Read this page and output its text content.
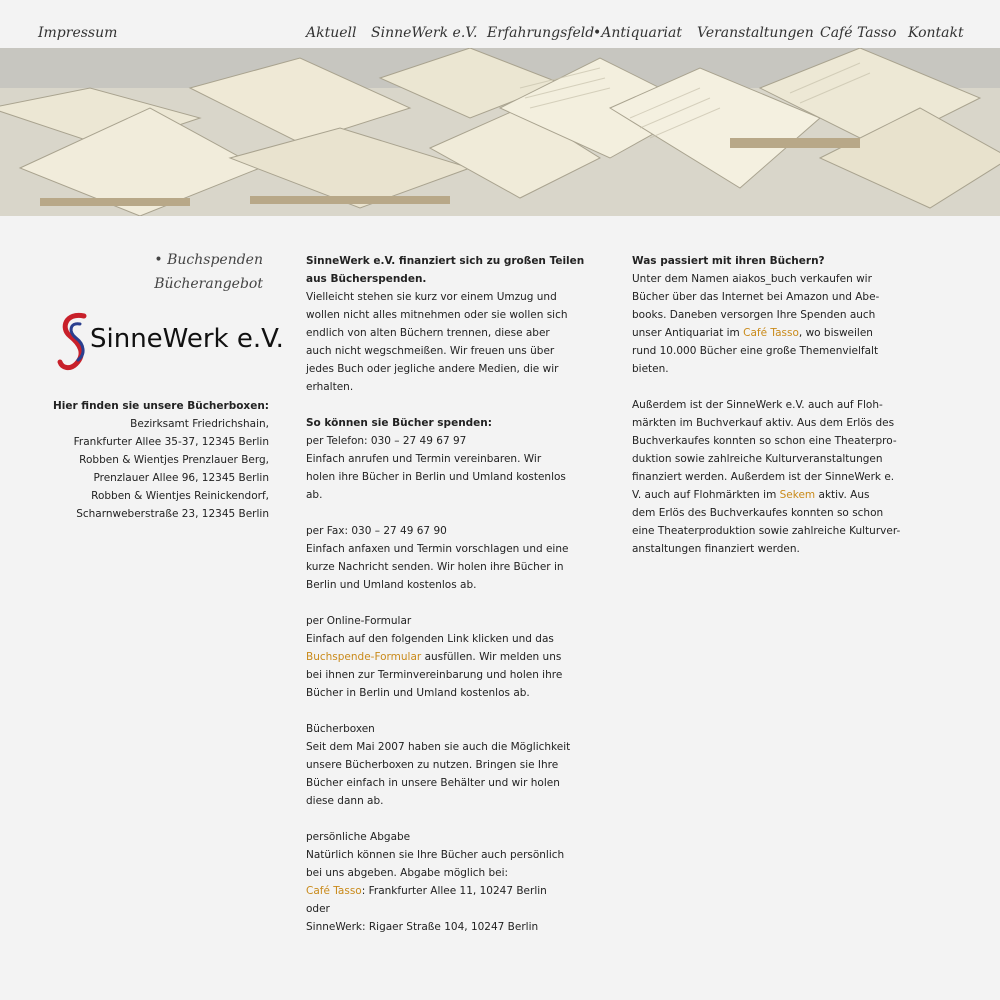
Impressum	Aktuell SinneWerk e.V. Erfahrungsfeld
•Antiquariat Veranstaltungen Café Tasso Kontakt
• Buchspenden
Bücherangebot
SinneWerk e.V.

Hier finden sie unsere Bücherboxen:

Bezirksamt Friedrichshain,

Frankfurter Allee 35-37, 12345 Berlin

Robben & Wientjes Prenzlauer Berg,

Prenzlauer Allee 96, 12345 Berlin

Robben & Wientjes Reinickendorf,

Scharnweberstraße 23, 12345 Berlin

SinneWerk e.V. finanziert sich zu großen Teilen

aus Bücherspenden.

Vielleicht stehen sie kurz vor einem Umzug und

wollen nicht alles mitnehmen oder sie wollen sich

endlich von alten Büchern trennen, diese aber

auch nicht wegschmeißen. Wir freuen uns über

jedes Buch oder jegliche andere Medien, die wir

erhalten.

So können sie Bücher spenden:

per Telefon: 030 – 27 49 67 97

Einfach anrufen und Termin vereinbaren. Wir

holen ihre Bücher in Berlin und Umland kostenlos

ab.

per Fax: 030 – 27 49 67 90

Einfach anfaxen und Termin vorschlagen und eine

kurze Nachricht senden. Wir holen ihre Bücher in

Berlin und Umland kostenlos ab.

per Online-Formular

Einfach auf den folgenden Link klicken und das

Buchspende-Formular ausfüllen. Wir melden uns

bei ihnen zur Terminvereinbarung und holen ihre

Bücher in Berlin und Umland kostenlos ab.

Bücherboxen

Seit dem Mai 2007 haben sie auch die Möglichkeit

unsere Bücherboxen zu nutzen. Bringen sie Ihre

Bücher einfach in unsere Behälter und wir holen

diese dann ab.

persönliche Abgabe

Natürlich können sie Ihre Bücher auch persönlich

bei uns abgeben. Abgabe möglich bei:

Café Tasso: Frankfurter Allee 11, 10247 Berlin

oder

SinneWerk: Rigaer Straße 104, 10247 Berlin

Was passiert mit ihren Büchern?

Unter dem Namen aiakos_buch verkaufen wir

Bücher über das Internet bei Amazon und Abe-

books. Daneben versorgen Ihre Spenden auch

unser Antiquariat im Café Tasso, wo bisweilen

rund 10.000 Bücher eine große Themenvielfalt

bieten.

Außerdem ist der SinneWerk e.V. auch auf Floh-

märkten im Buchverkauf aktiv. Aus dem Erlös des

Buchverkaufes konnten so schon eine Theaterpro-

duktion sowie zahlreiche Kulturveranstaltungen

finanziert werden. Außerdem ist der SinneWerk e.

V. auch auf Flohmärkten im Sekem aktiv. Aus

dem Erlös des Buchverkaufes konnten so schon

eine Theaterproduktion sowie zahlreiche Kulturver-

anstaltungen finanziert werden.
